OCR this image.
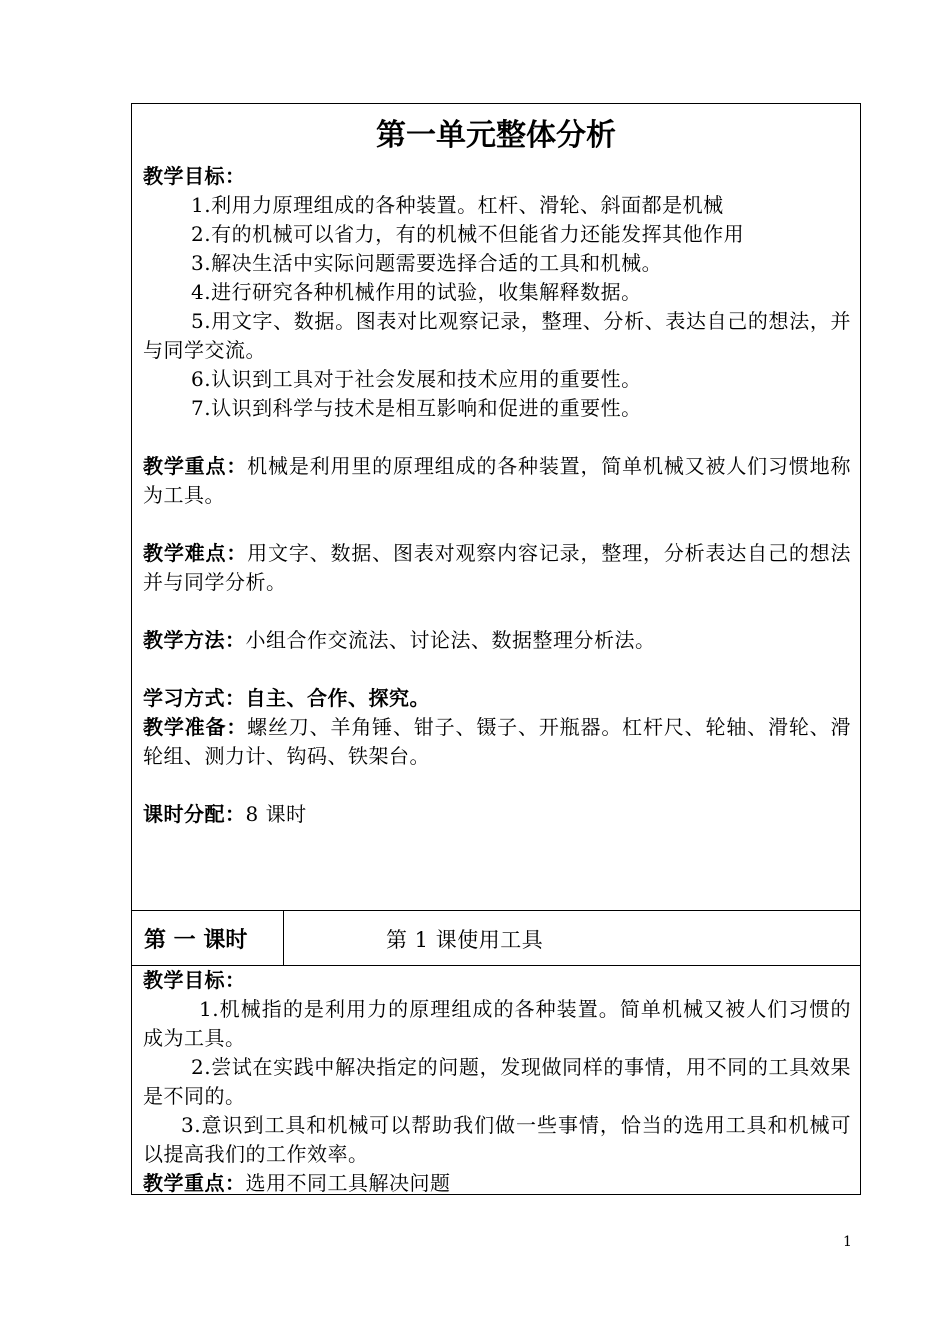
第一单元整体分析

教学目标：

1.利用力原理组成的各种装置。杠杆、滑轮、斜面都是机械

2.有的机械可以省力，有的机械不但能省力还能发挥其他作用

3.解决生活中实际问题需要选择合适的工具和机械。

4.进行研究各种机械作用的试验，收集解释数据。

5.用文字、数据。图表对比观察记录，整理、分析、表达自己的想法，并与同学交流。

6.认识到工具对于社会发展和技术应用的重要性。

7.认识到科学与技术是相互影响和促进的重要性。

教学重点：机械是利用里的原理组成的各种装置，简单机械又被人们习惯地称为工具。

教学难点：用文字、数据、图表对观察内容记录，整理，分析表达自己的想法并与同学分析。

教学方法：小组合作交流法、讨论法、数据整理分析法。

学习方式：自主、合作、探究。

教学准备：螺丝刀、羊角锤、钳子、镊子、开瓶器。杠杆尺、轮轴、滑轮、滑轮组、测力计、钩码、铁架台。

课时分配：8 课时

第 一 课时	第 1 课使用工具

教学目标：

1.机械指的是利用力的原理组成的各种装置。简单机械又被人们习惯的成为工具。

2.尝试在实践中解决指定的问题，发现做同样的事情，用不同的工具效果是不同的。

3.意识到工具和机械可以帮助我们做一些事情，恰当的选用工具和机械可以提高我们的工作效率。

教学重点：选用不同工具解决问题

1
